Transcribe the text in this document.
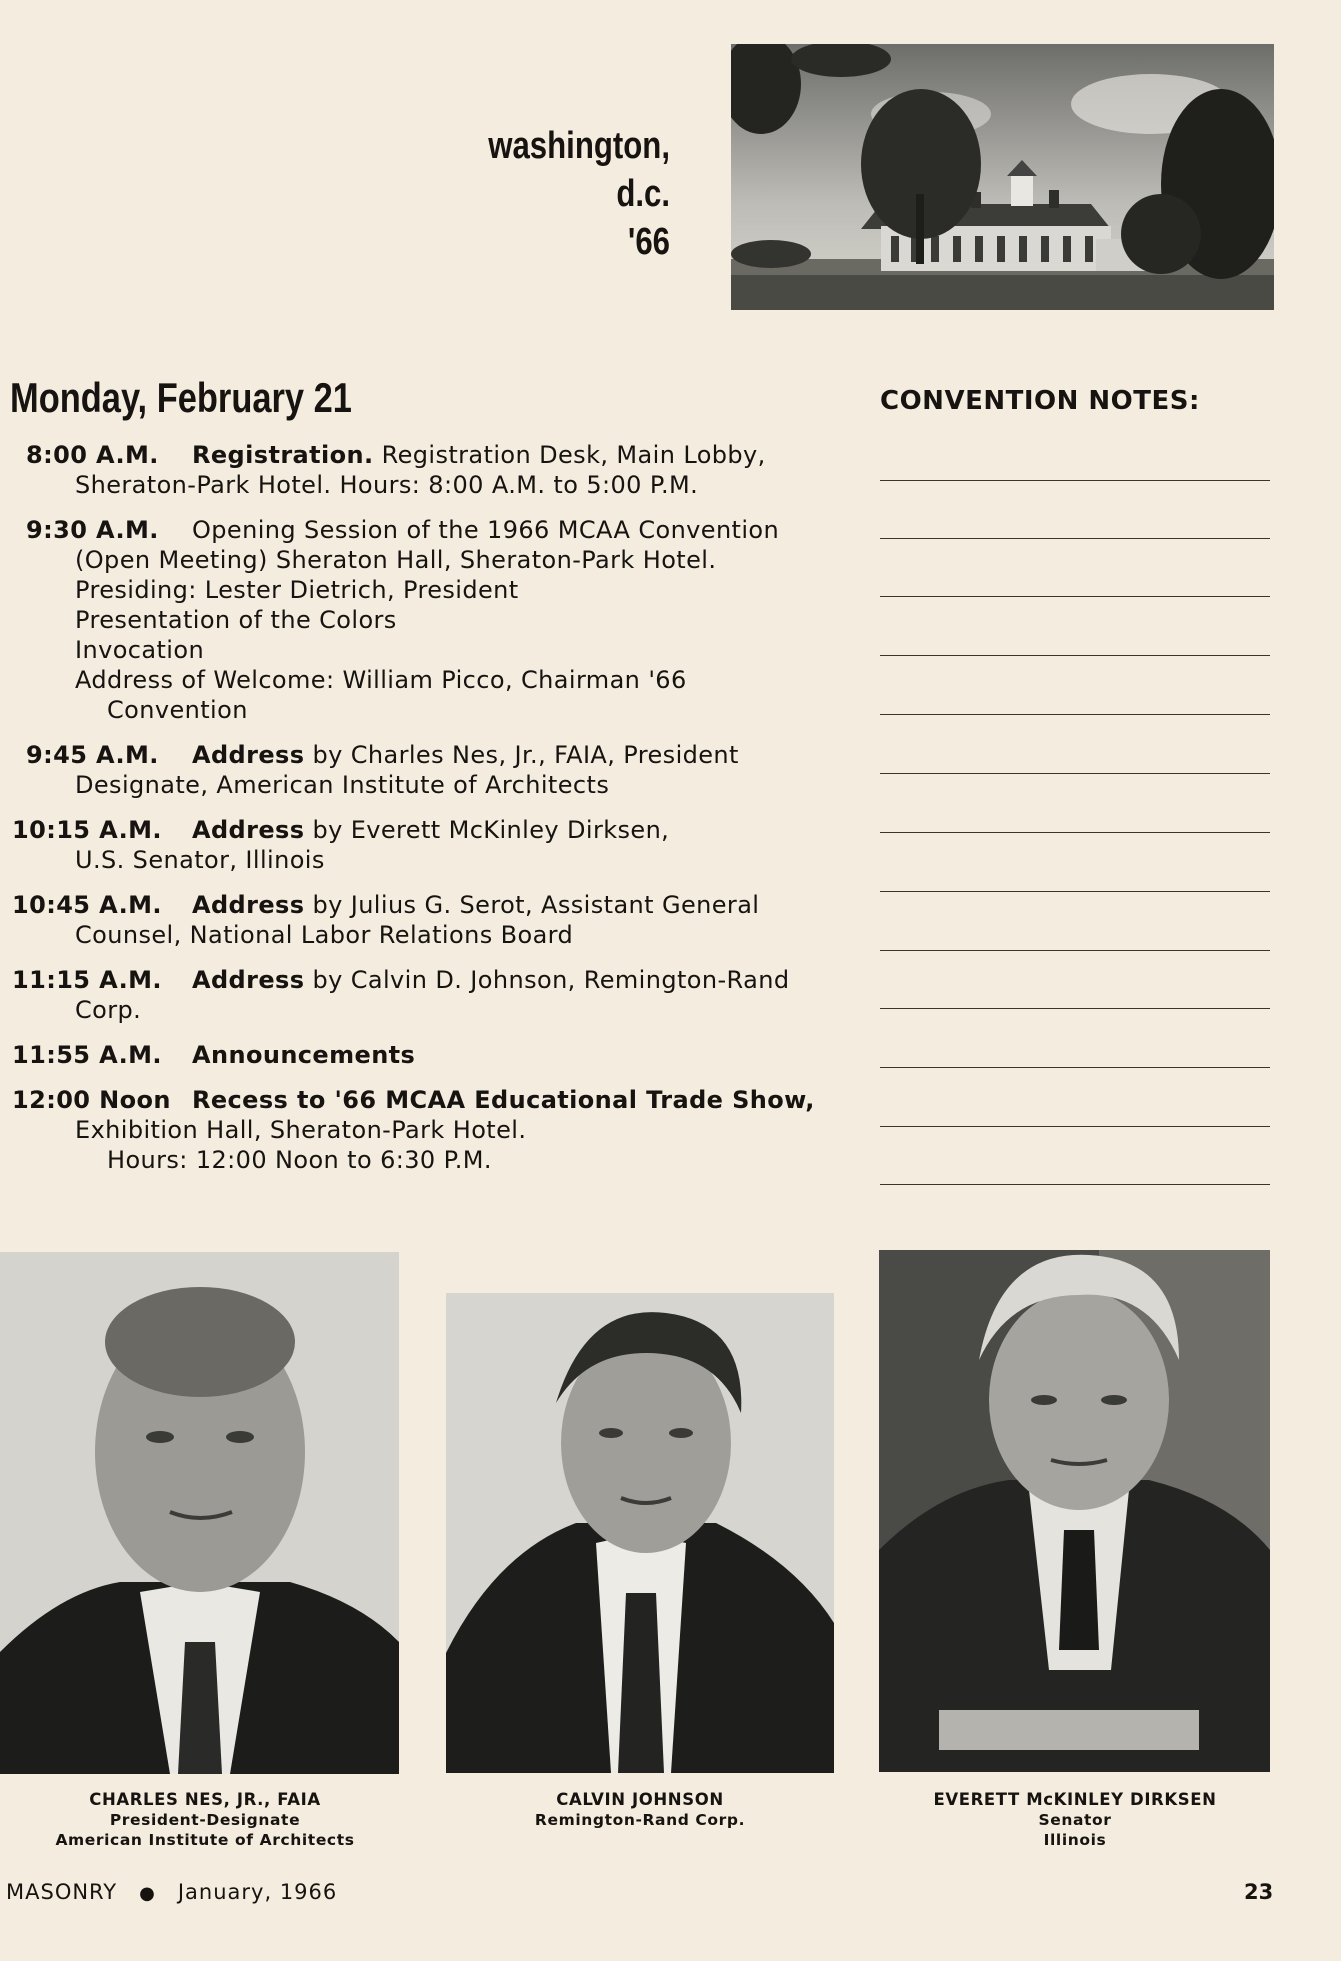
washington, d.c.
'66
Monday, February 21	CONVENTION NOTES:
8:00 A.M.	Registration. Registration Desk, Main Lobby,
Sheraton-Park Hotel. Hours: 8:00 A.M. to 5:00 P.M.
9:30 A.M.	Opening Session of the 1966 MCAA Convention
(Open Meeting) Sheraton Hall, Sheraton-Park Hotel.
Presiding: Lester Dietrich, President
Presentation of the Colors
Invocation
Address of Welcome: William Picco, Chairman '66
Convention
9:45 A.M.	Address by Charles Nes, Jr., FAIA, President
Designate, American Institute of Architects
10:15 A.M.	Address by Everett McKinley Dirksen,
U.S. Senator, Illinois
10:45 A.M.	Address by Julius G. Serot, Assistant General
Counsel, National Labor Relations Board
11:15 A.M.	Address by Calvin D. Johnson, Remington-Rand
Corp.
11:55 A.M.	Announcements
12:00 Noon Recess to '66 MCAA Educational Trade Show,
Exhibition Hall, Sheraton-Park Hotel.
Hours: 12:00 Noon to 6:30 P.M.
CHARLES NES, JR., FAIA
President-Designate
American Institute of Architects
CALVIN JOHNSON
Remington-Rand Corp.
EVERETT McKINLEY DIRKSEN
Senator
Illinois
MASONRY ● January, 1966	23
